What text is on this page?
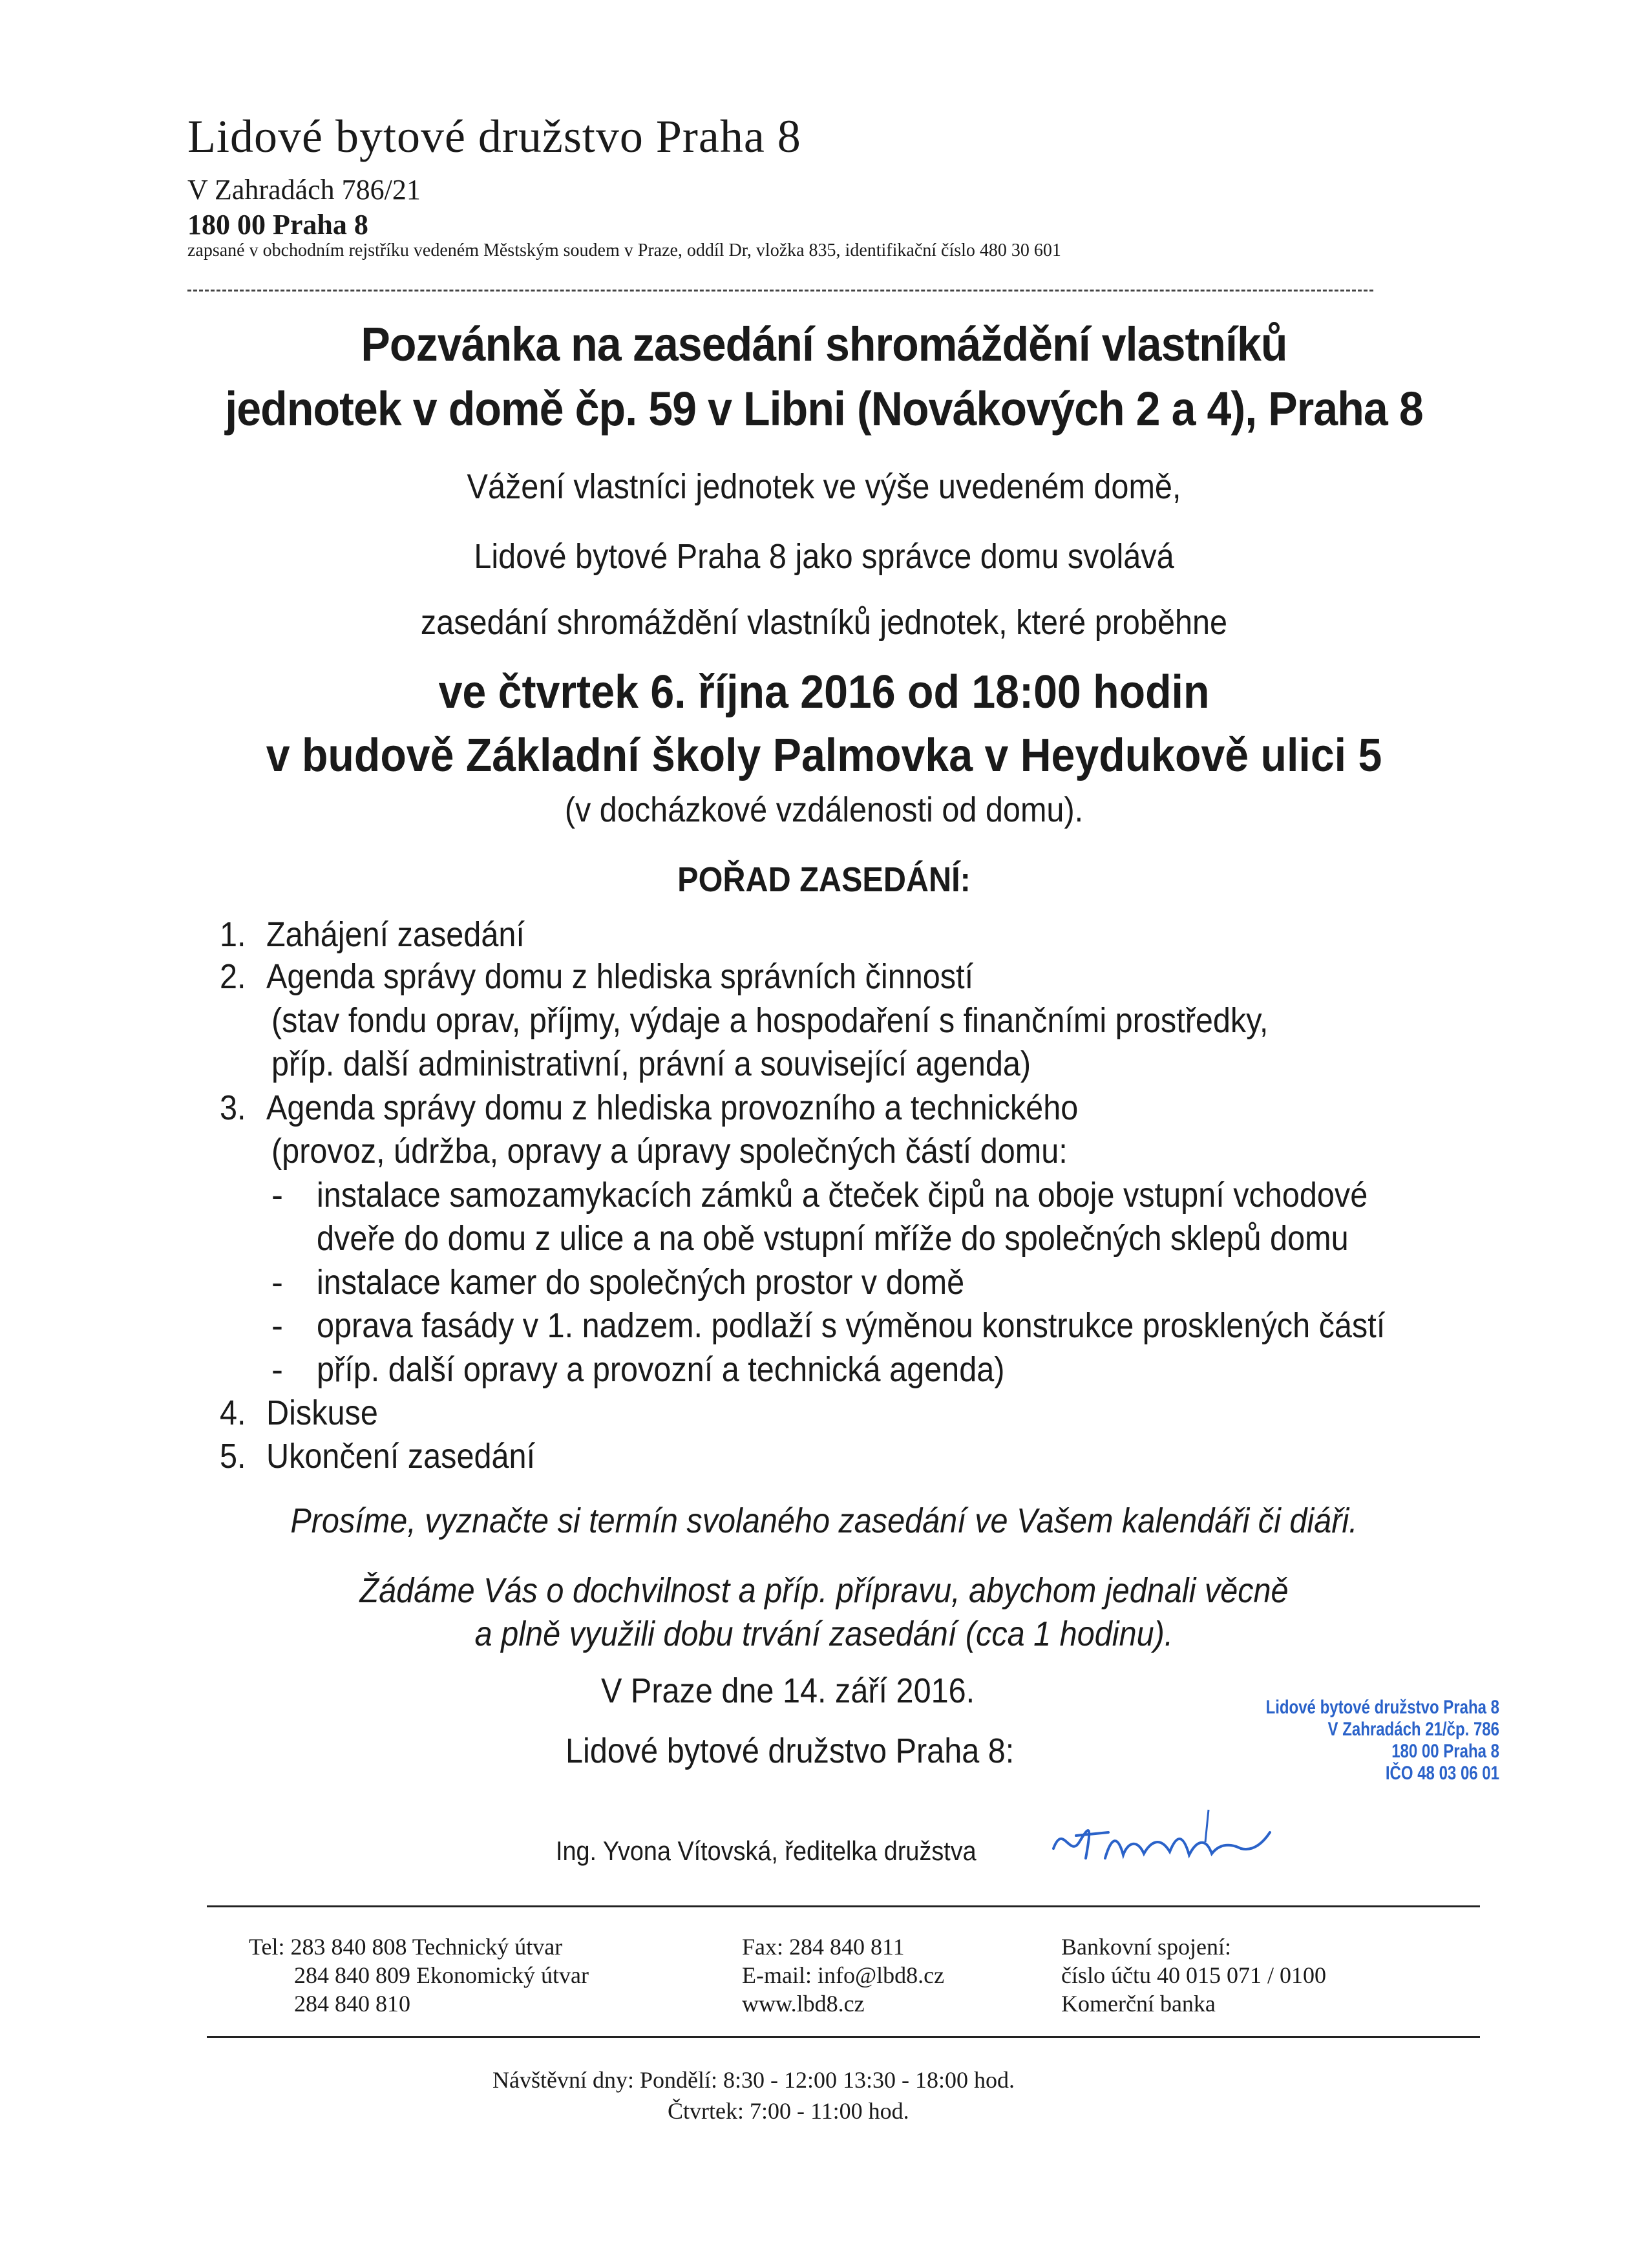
Lidové bytové družstvo Praha 8
V Zahradách 786/21
180 00 Praha 8
zapsané v obchodním rejstříku vedeném Městským soudem v Praze, oddíl Dr, vložka 835, identifikační číslo 480 30 601
Pozvánka na zasedání shromáždění vlastníků
jednotek v domě čp. 59 v Libni (Novákových 2 a 4), Praha 8
Vážení vlastníci jednotek ve výše uvedeném domě,
Lidové bytové Praha 8 jako správce domu svolává
zasedání shromáždění vlastníků jednotek, které proběhne
ve čtvrtek 6. října 2016 od 18:00 hodin
v budově Základní školy Palmovka v Heydukově ulici 5
(v docházkové vzdálenosti od domu).
POŘAD ZASEDÁNÍ:
1. Zahájení zasedání
2. Agenda správy domu z hlediska správních činností
(stav fondu oprav, příjmy, výdaje a hospodaření s finančními prostředky,
příp. další administrativní, právní a související agenda)
3. Agenda správy domu z hlediska provozního a technického
(provoz, údržba, opravy a úpravy společných částí domu:
- instalace samozamykacích zámků a čteček čipů na oboje vstupní vchodové
dveře do domu z ulice a na obě vstupní mříže do společných sklepů domu
- instalace kamer do společných prostor v domě
- oprava fasády v 1. nadzem. podlaží s výměnou konstrukce prosklených částí
- příp. další opravy a provozní a technická agenda)
4. Diskuse
5. Ukončení zasedání
Prosíme, vyznačte si termín svolaného zasedání ve Vašem kalendáři či diáři.
Žádáme Vás o dochvilnost a příp. přípravu, abychom jednali věcně
a plně využili dobu trvání zasedání (cca 1 hodinu).
V Praze dne 14. září 2016.
Lidové bytové družstvo Praha 8:
Ing. Yvona Vítovská, ředitelka družstva
Lidové bytové družstvo Praha 8
V Zahradách 21/čp. 786
180 00 Praha 8
IČO 48 03 06 01
Tel: 283 840 808 Technický útvar
284 840 809 Ekonomický útvar
284 840 810
Fax: 284 840 811
E-mail: info@lbd8.cz
www.lbd8.cz
Bankovní spojení:
číslo účtu 40 015 071 / 0100
Komerční banka
Návštěvní dny: Pondělí: 8:30 - 12:00 13:30 - 18:00 hod.
Čtvrtek: 7:00 - 11:00 hod.
